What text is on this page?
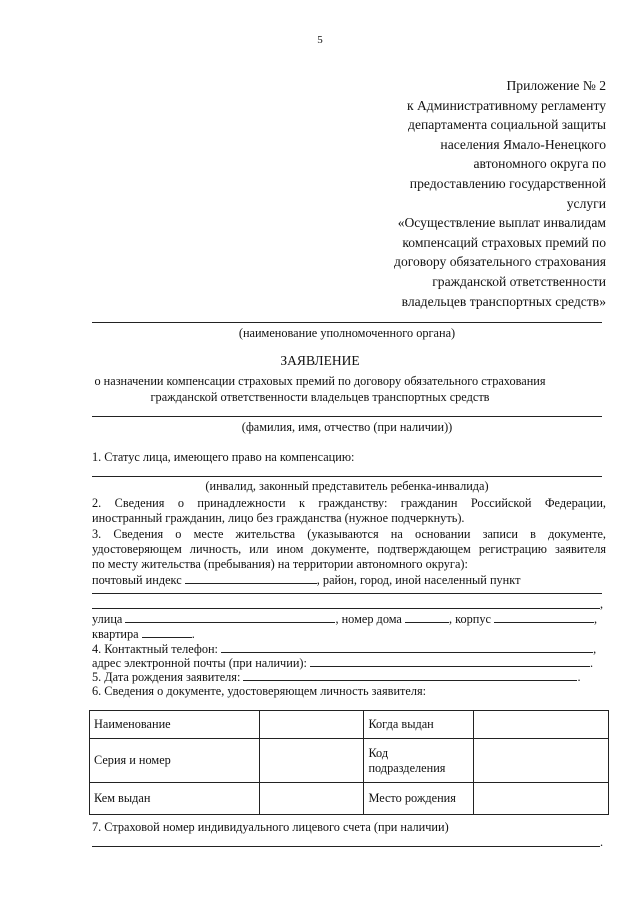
5
Приложение № 2
к Административному регламенту
департамента социальной защиты
населения Ямало-Ненецкого
автономного округа по
предоставлению государственной
услуги
«Осуществление выплат инвалидам
компенсаций страховых премий по
договору обязательного страхования
гражданской ответственности
владельцев транспортных средств»
(наименование уполномоченного органа)
ЗАЯВЛЕНИЕ
о назначении компенсации страховых премий по договору обязательного страхования
гражданской ответственности владельцев транспортных средств
(фамилия, имя, отчество (при наличии))
1. Статус лица, имеющего право на компенсацию:
(инвалид, законный представитель ребенка-инвалида)
2. Сведения о принадлежности к гражданству: гражданин Российской Федерации,
иностранный гражданин, лицо без гражданства (нужное подчеркнуть).
3. Сведения о месте жительства (указываются на основании записи в документе,
удостоверяющем личность, или ином документе, подтверждающем регистрацию заявителя
по месту жительства (пребывания) на территории автономного округа):
почтовый индекс	, район, город, иной населенный пункт
,
улица	, номер дома	, корпус	,
квартира	.
4. Контактный телефон:	,
адрес электронной почты (при наличии):	.
5. Дата рождения заявителя:	.
6. Сведения о документе, удостоверяющем личность заявителя:
Наименование		Когда выдан	
Серия и номер		Код
подразделения	

Кем выдан		Место рождения	
7. Страховой номер индивидуального лицевого счета (при наличии)
.
